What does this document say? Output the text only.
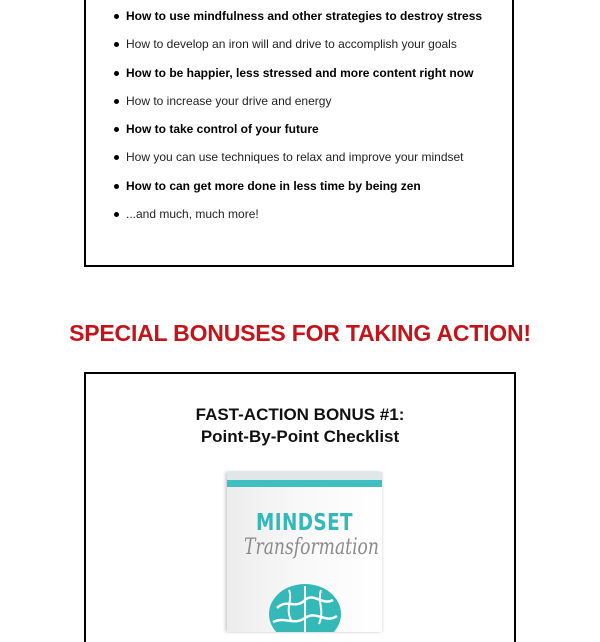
How to use mindfulness and other strategies to destroy stress
How to develop an iron will and drive to accomplish your goals
How to be happier, less stressed and more content right now
How to increase your drive and energy
How to take control of your future
How you can use techniques to relax and improve your mindset
How to can get more done in less time by being zen
...and much, much more!
SPECIAL BONUSES FOR TAKING ACTION!
FAST-ACTION BONUS #1:
Point-By-Point Checklist
MINDSET
Transformation
